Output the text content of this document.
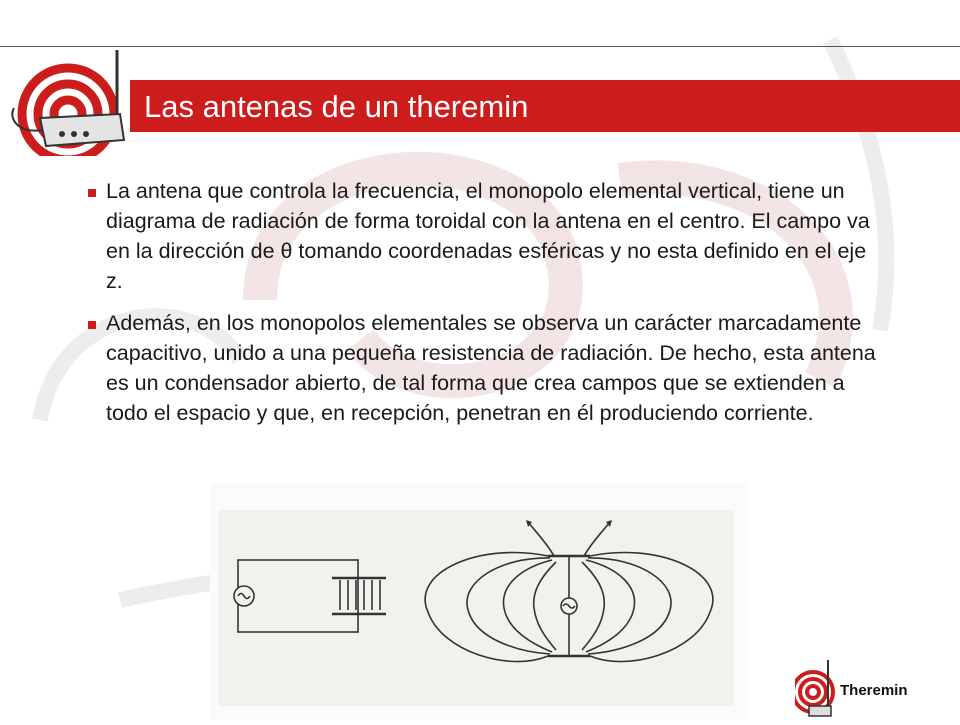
Las antenas de un theremin
La antena que controla la frecuencia, el monopolo elemental vertical, tiene un diagrama de radiación de forma toroidal con la antena en el centro. El campo va en la dirección de θ tomando coordenadas esféricas y no esta definido en el eje z.
Además, en los monopolos elementales se observa un carácter marcadamente capacitivo, unido a una pequeña resistencia de radiación. De hecho, esta antena es un condensador abierto, de tal forma que crea campos que se extienden a todo el espacio y que, en recepción, penetran en él produciendo corriente.
Theremin
